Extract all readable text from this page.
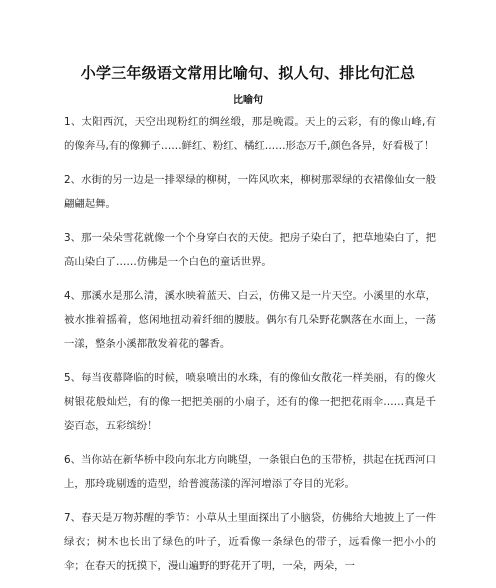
小学三年级语文常用比喻句、拟人句、排比句汇总
比喻句

1、太阳西沉，天空出现粉红的绸丝缎，那是晚霞。天上的云彩，有的像山峰,有的像奔马,有的像狮子……鲜红、粉红、橘红……形态万千,颜色各异，好看极了！

2、水街的另一边是一排翠绿的柳树，一阵风吹来，柳树那翠绿的衣裙像仙女一般翩翩起舞。

3、那一朵朵雪花就像一个个身穿白衣的天使。把房子染白了，把草地染白了，把高山染白了……仿佛是一个白色的童话世界。

4、那溪水是那么清，溪水映着蓝天、白云，仿佛又是一片天空。小溪里的水草，被水推着摇着，悠闲地扭动着纤细的腰肢。偶尔有几朵野花飘落在水面上，一荡一漾，整条小溪都散发着花的馨香。

5、每当夜幕降临的时候，喷泉喷出的水珠，有的像仙女散花一样美丽，有的像火树银花般灿烂，有的像一把把美丽的小扇子，还有的像一把把花雨伞……真是千姿百态，五彩缤纷！

6、当你站在新华桥中段向东北方向眺望，一条银白色的玉带桥，拱起在抚西河口上，那玲珑剔透的造型，给普渡荡漾的浑河增添了夺目的光彩。

7、春天是万物苏醒的季节：小草从土里面探出了小脑袋，仿佛给大地披上了一件绿衣；树木也长出了绿色的叶子，近看像一条绿色的带子，远看像一把小小的伞；在春天的抚摸下，漫山遍野的野花开了明，一朵，两朵，一
